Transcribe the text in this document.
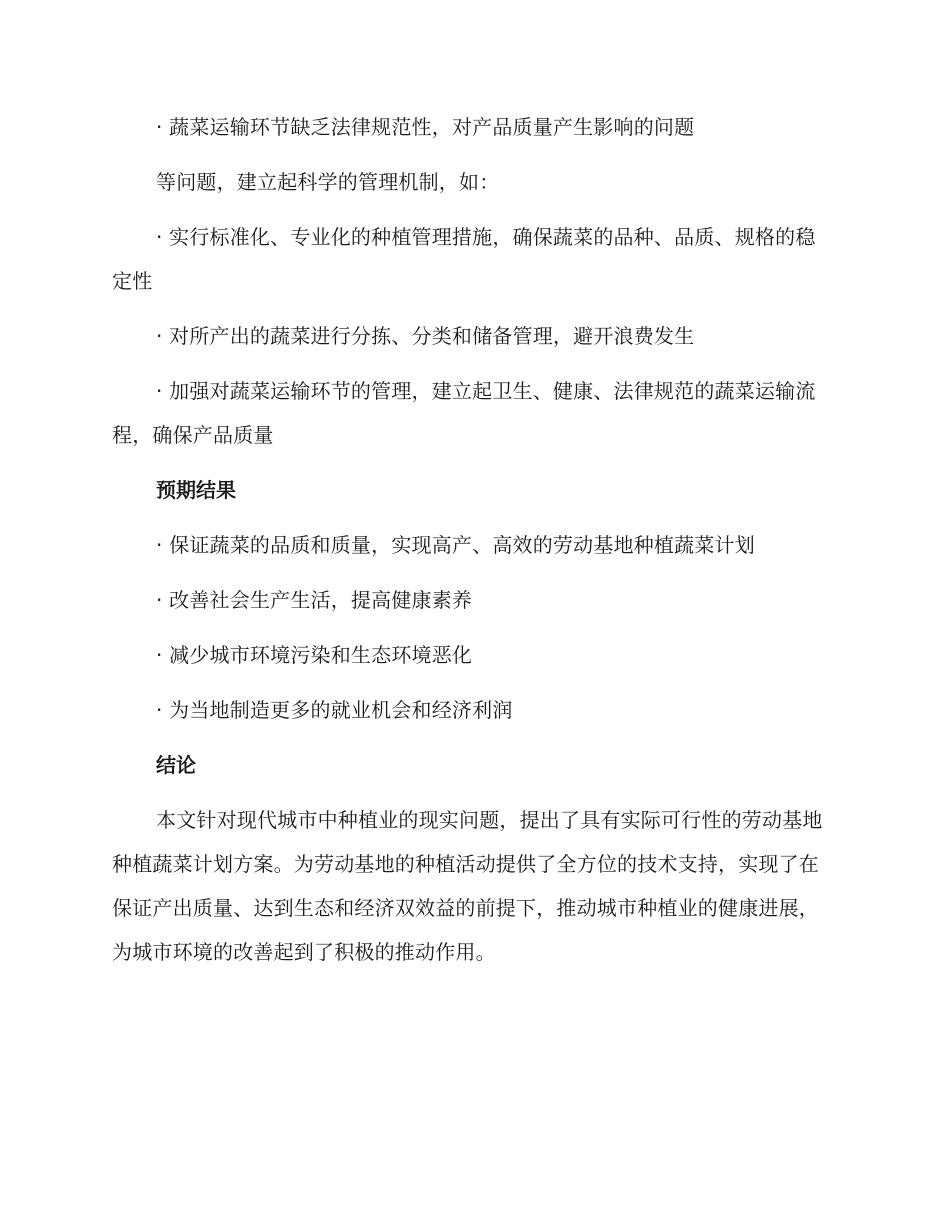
· 蔬菜运输环节缺乏法律规范性，对产品质量产生影响的问题

等问题，建立起科学的管理机制，如：

· 实行标准化、专业化的种植管理措施，确保蔬菜的品种、品质、规格的稳定性

· 对所产出的蔬菜进行分拣、分类和储备管理，避开浪费发生

· 加强对蔬菜运输环节的管理，建立起卫生、健康、法律规范的蔬菜运输流程，确保产品质量

预期结果

· 保证蔬菜的品质和质量，实现高产、高效的劳动基地种植蔬菜计划

· 改善社会生产生活，提高健康素养

· 减少城市环境污染和生态环境恶化

· 为当地制造更多的就业机会和经济利润

结论

本文针对现代城市中种植业的现实问题，提出了具有实际可行性的劳动基地种植蔬菜计划方案。为劳动基地的种植活动提供了全方位的技术支持，实现了在保证产出质量、达到生态和经济双效益的前提下，推动城市种植业的健康进展，为城市环境的改善起到了积极的推动作用。
